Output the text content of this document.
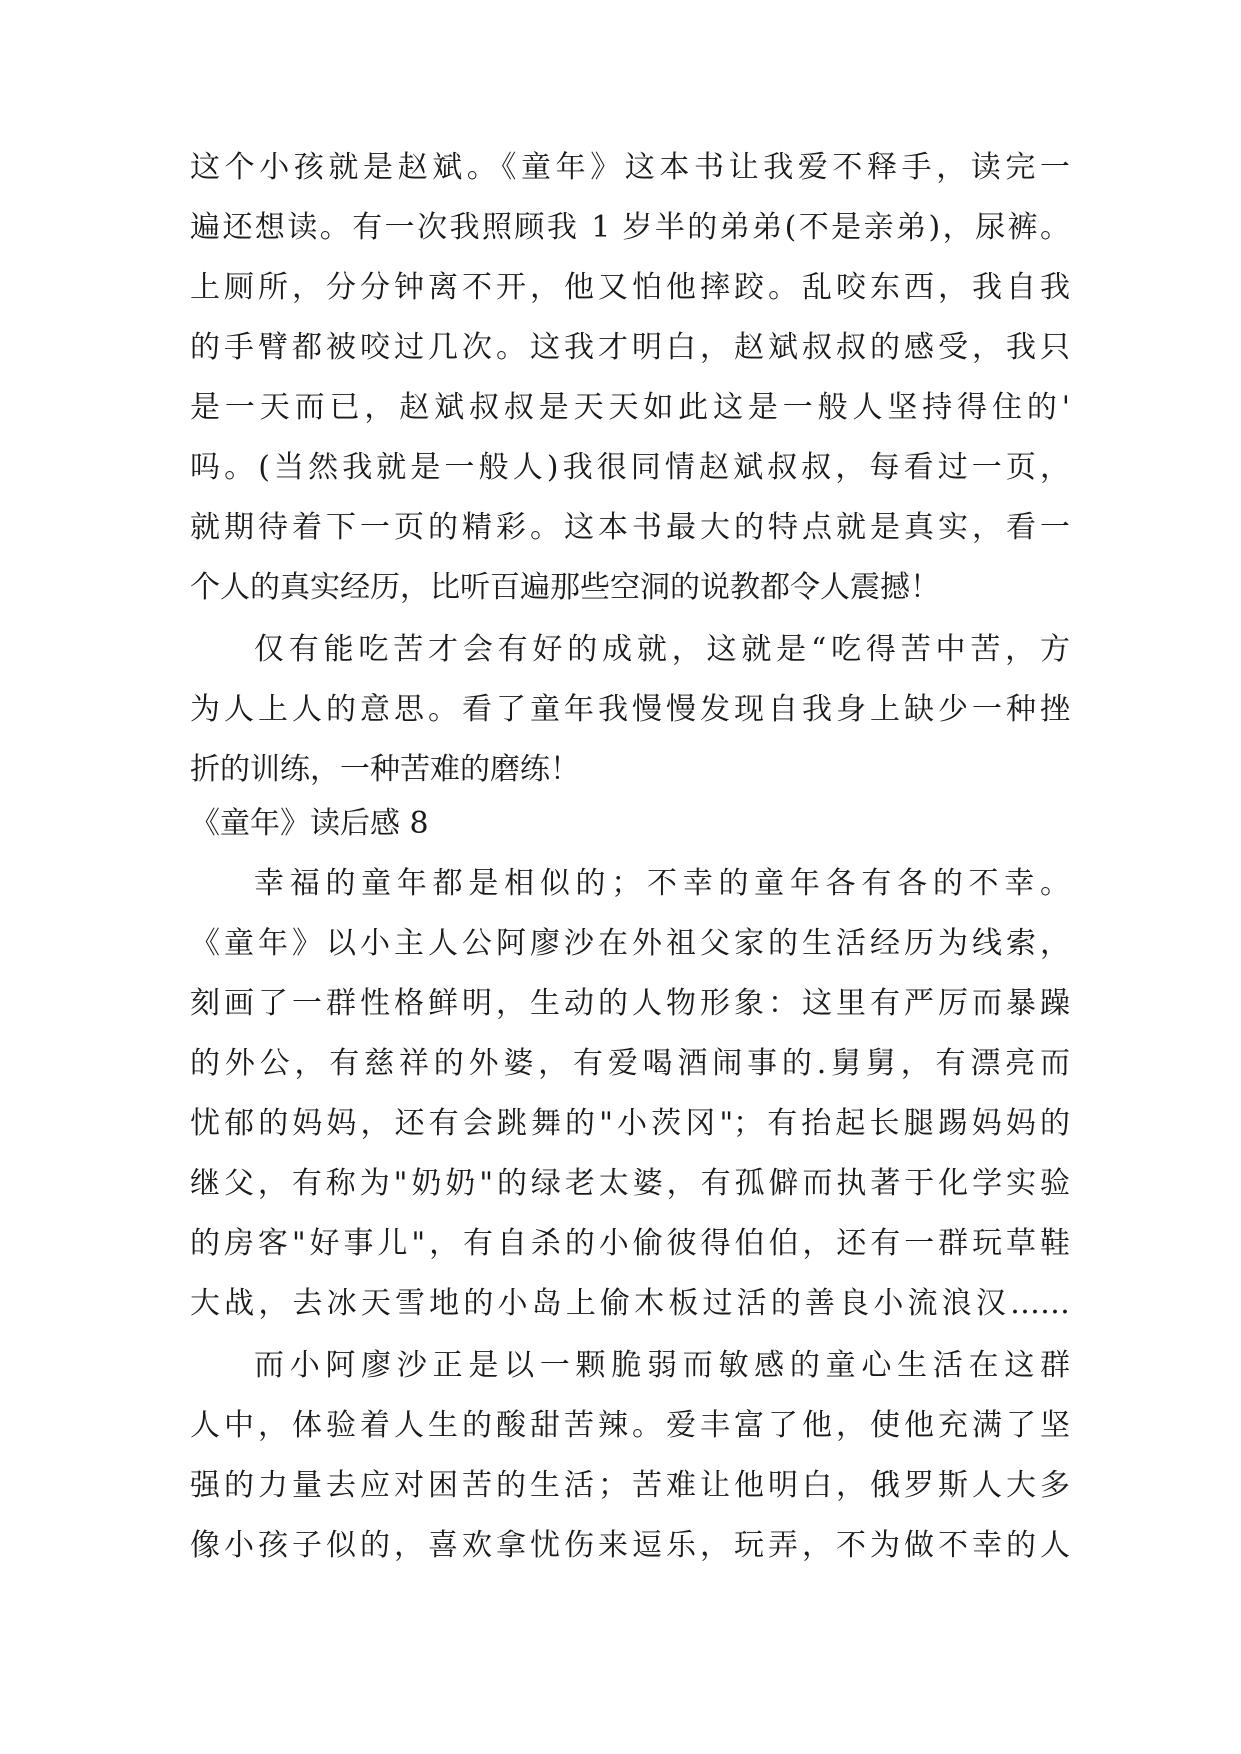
这个小孩就是赵斌。《童年》这本书让我爱不释手，读完一
遍还想读。有一次我照顾我 1 岁半的弟弟(不是亲弟)，尿裤。
上厕所，分分钟离不开，他又怕他摔跤。乱咬东西，我自我
的手臂都被咬过几次。这我才明白，赵斌叔叔的感受，我只
是一天而已，赵斌叔叔是天天如此这是一般人坚持得住的'
吗。(当然我就是一般人)我很同情赵斌叔叔，每看过一页，
就期待着下一页的精彩。这本书最大的特点就是真实，看一
个人的真实经历，比听百遍那些空洞的说教都令人震撼！
仅有能吃苦才会有好的成就，这就是“吃得苦中苦，方
为人上人的意思。看了童年我慢慢发现自我身上缺少一种挫
折的训练，一种苦难的磨练！
《童年》读后感 8
幸福的童年都是相似的；不幸的童年各有各的不幸。
《童年》以小主人公阿廖沙在外祖父家的生活经历为线索，
刻画了一群性格鲜明，生动的人物形象：这里有严厉而暴躁
的外公，有慈祥的外婆，有爱喝酒闹事的.舅舅，有漂亮而
忧郁的妈妈，还有会跳舞的"小茨冈"；有抬起长腿踢妈妈的
继父，有称为"奶奶"的绿老太婆，有孤僻而执著于化学实验
的房客"好事儿"，有自杀的小偷彼得伯伯，还有一群玩草鞋
大战，去冰天雪地的小岛上偷木板过活的善良小流浪汉……
而小阿廖沙正是以一颗脆弱而敏感的童心生活在这群
人中，体验着人生的酸甜苦辣。爱丰富了他，使他充满了坚
强的力量去应对困苦的生活；苦难让他明白，俄罗斯人大多
像小孩子似的，喜欢拿忧伤来逗乐，玩弄，不为做不幸的人
